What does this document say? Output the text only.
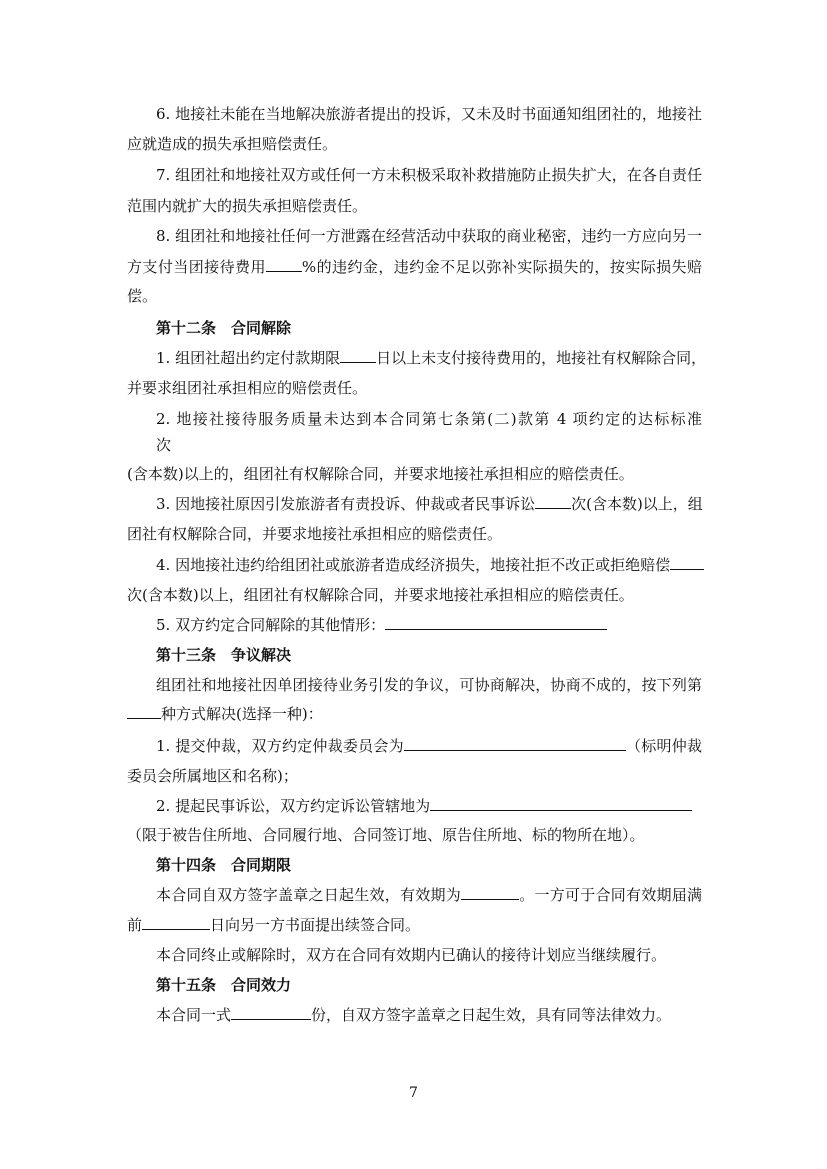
6. 地接社未能在当地解决旅游者提出的投诉，又未及时书面通知组团社的，地接社
应就造成的损失承担赔偿责任。
7. 组团社和地接社双方或任何一方未积极采取补救措施防止损失扩大，在各自责任
范围内就扩大的损失承担赔偿责任。
8. 组团社和地接社任何一方泄露在经营活动中获取的商业秘密，违约一方应向另一
方支付当团接待费用 %的违约金，违约金不足以弥补实际损失的，按实际损失赔
偿。
第十二条　合同解除
1. 组团社超出约定付款期限 日以上未支付接待费用的，地接社有权解除合同，
并要求组团社承担相应的赔偿责任。
2. 地接社接待服务质量未达到本合同第七条第(二)款第 4 项约定的达标标准
次
(含本数)以上的，组团社有权解除合同，并要求地接社承担相应的赔偿责任。
3. 因地接社原因引发旅游者有责投诉、仲裁或者民事诉讼 次(含本数)以上，组
团社有权解除合同，并要求地接社承担相应的赔偿责任。
4. 因地接社违约给组团社或旅游者造成经济损失，地接社拒不改正或拒绝赔偿
次(含本数)以上，组团社有权解除合同，并要求地接社承担相应的赔偿责任。
5. 双方约定合同解除的其他情形：
第十三条　争议解决
组团社和地接社因单团接待业务引发的争议，可协商解决，协商不成的，按下列第
种方式解决(选择一种)：
1. 提交仲裁，双方约定仲裁委员会为	（标明仲裁
委员会所属地区和名称)；
2. 提起民事诉讼，双方约定诉讼管辖地为
（限于被告住所地、合同履行地、合同签订地、原告住所地、标的物所在地）。
第十四条　合同期限
本合同自双方签字盖章之日起生效，有效期为	。一方可于合同有效期届满
前	日向另一方书面提出续签合同。
本合同终止或解除时，双方在合同有效期内已确认的接待计划应当继续履行。
第十五条　合同效力
本合同一式	份，自双方签字盖章之日起生效，具有同等法律效力。
7
